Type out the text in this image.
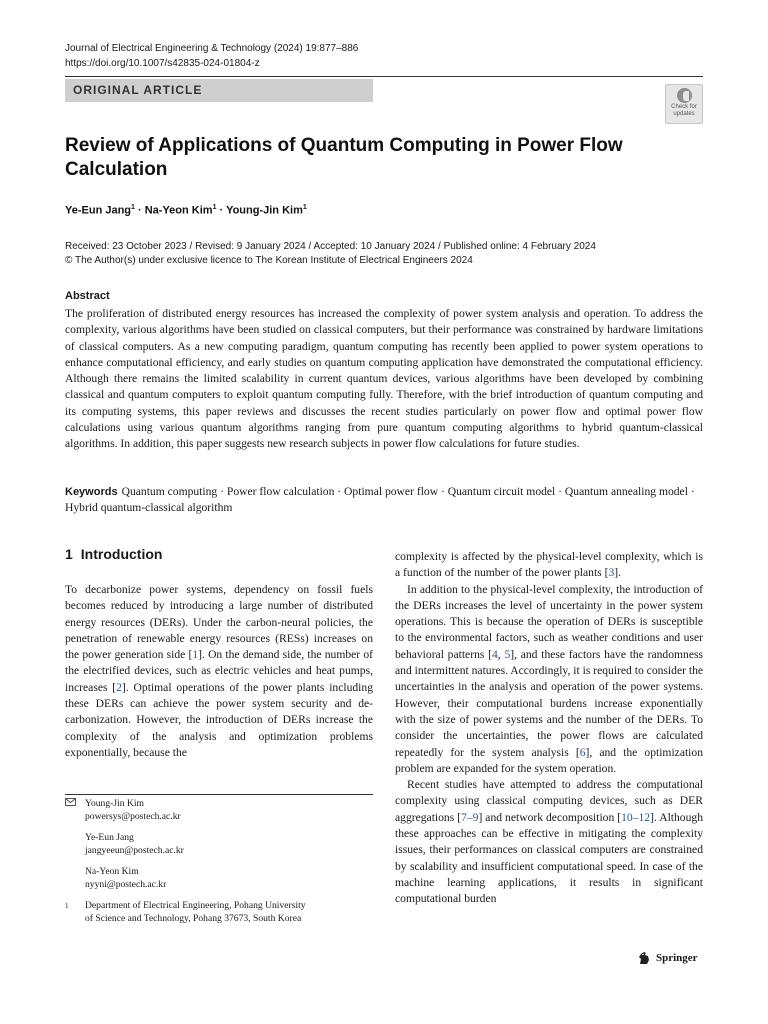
Journal of Electrical Engineering & Technology (2024) 19:877–886
https://doi.org/10.1007/s42835-024-01804-z
ORIGINAL ARTICLE
Check for
updates
Review of Applications of Quantum Computing in Power Flow Calculation
Ye-Eun Jang$^1$ · Na-Yeon Kim$^1$ · Young-Jin Kim$^1$
Received: 23 October 2023 / Revised: 9 January 2024 / Accepted: 10 January 2024 / Published online: 4 February 2024
© The Author(s) under exclusive licence to The Korean Institute of Electrical Engineers 2024
Abstract
The proliferation of distributed energy resources has increased the complexity of power system analysis and operation. To address the complexity, various algorithms have been studied on classical computers, but their performance was constrained by hardware limitations of classical computers. As a new computing paradigm, quantum computing has recently been applied to power system operations to enhance computational efficiency, and early studies on quantum computing application have demonstrated the computational efficiency. Although there remains the limited scalability in current quantum devices, various algorithms have been developed by combining classical and quantum computers to exploit quantum computing fully. Therefore, with the brief introduction of quantum computing and its computing systems, this paper reviews and discusses the recent studies particularly on power flow and optimal power flow calculations using various quantum algorithms ranging from pure quantum computing algorithms to hybrid quantum-classical algorithms. In addition, this paper suggests new research subjects in power flow calculations for future studies.
Keywords Quantum computing · Power flow calculation · Optimal power flow · Quantum circuit model · Quantum annealing model · Hybrid quantum-classical algorithm
1 Introduction

To decarbonize power systems, dependency on fossil fuels becomes reduced by introducing a large number of distributed energy resources (DERs). Under the carbon-neural policies, the penetration of renewable energy resources (RESs) increases on the power generation side [1]. On the demand side, the number of the electrified devices, such as electric vehicles and heat pumps, increases [2]. Optimal operations of the power plants including these DERs can achieve the power system security and de-carbonization. However, the introduction of DERs increase the complexity of the analysis and optimization problems exponentially, because the

complexity is affected by the physical-level complexity, which is a function of the number of the power plants [3].

In addition to the physical-level complexity, the introduction of the DERs increases the level of uncertainty in the power system operations. This is because the operation of DERs is susceptible to the environmental factors, such as weather conditions and user behavioral patterns [4, 5], and these factors have the randomness and intermittent natures. Accordingly, it is required to consider the uncertainties in the analysis and operation of the power systems. However, their computational burdens increase exponentially with the size of power systems and the number of the DERs. To consider the uncertainties, the power flows are calculated repeatedly for the system analysis [6], and the optimization problem are expanded for the system operation.

Recent studies have attempted to address the computational complexity using classical computing devices, such as DER aggregations [7–9] and network decomposition [10–12]. Although these approaches can be effective in mitigating the complexity issues, their performances on classical computers are constrained by scalability and insufficient computational speed. In case of the machine learning applications, it results in significant computational burden

Young-Jin Kim
powersys@postech.ac.kr
Ye-Eun Jang
jangyeeun@postech.ac.kr
Na-Yeon Kim
nyyni@postech.ac.kr
1	Department of Electrical Engineering, Pohang University
of Science and Technology, Pohang 37673, South Korea
Springer
